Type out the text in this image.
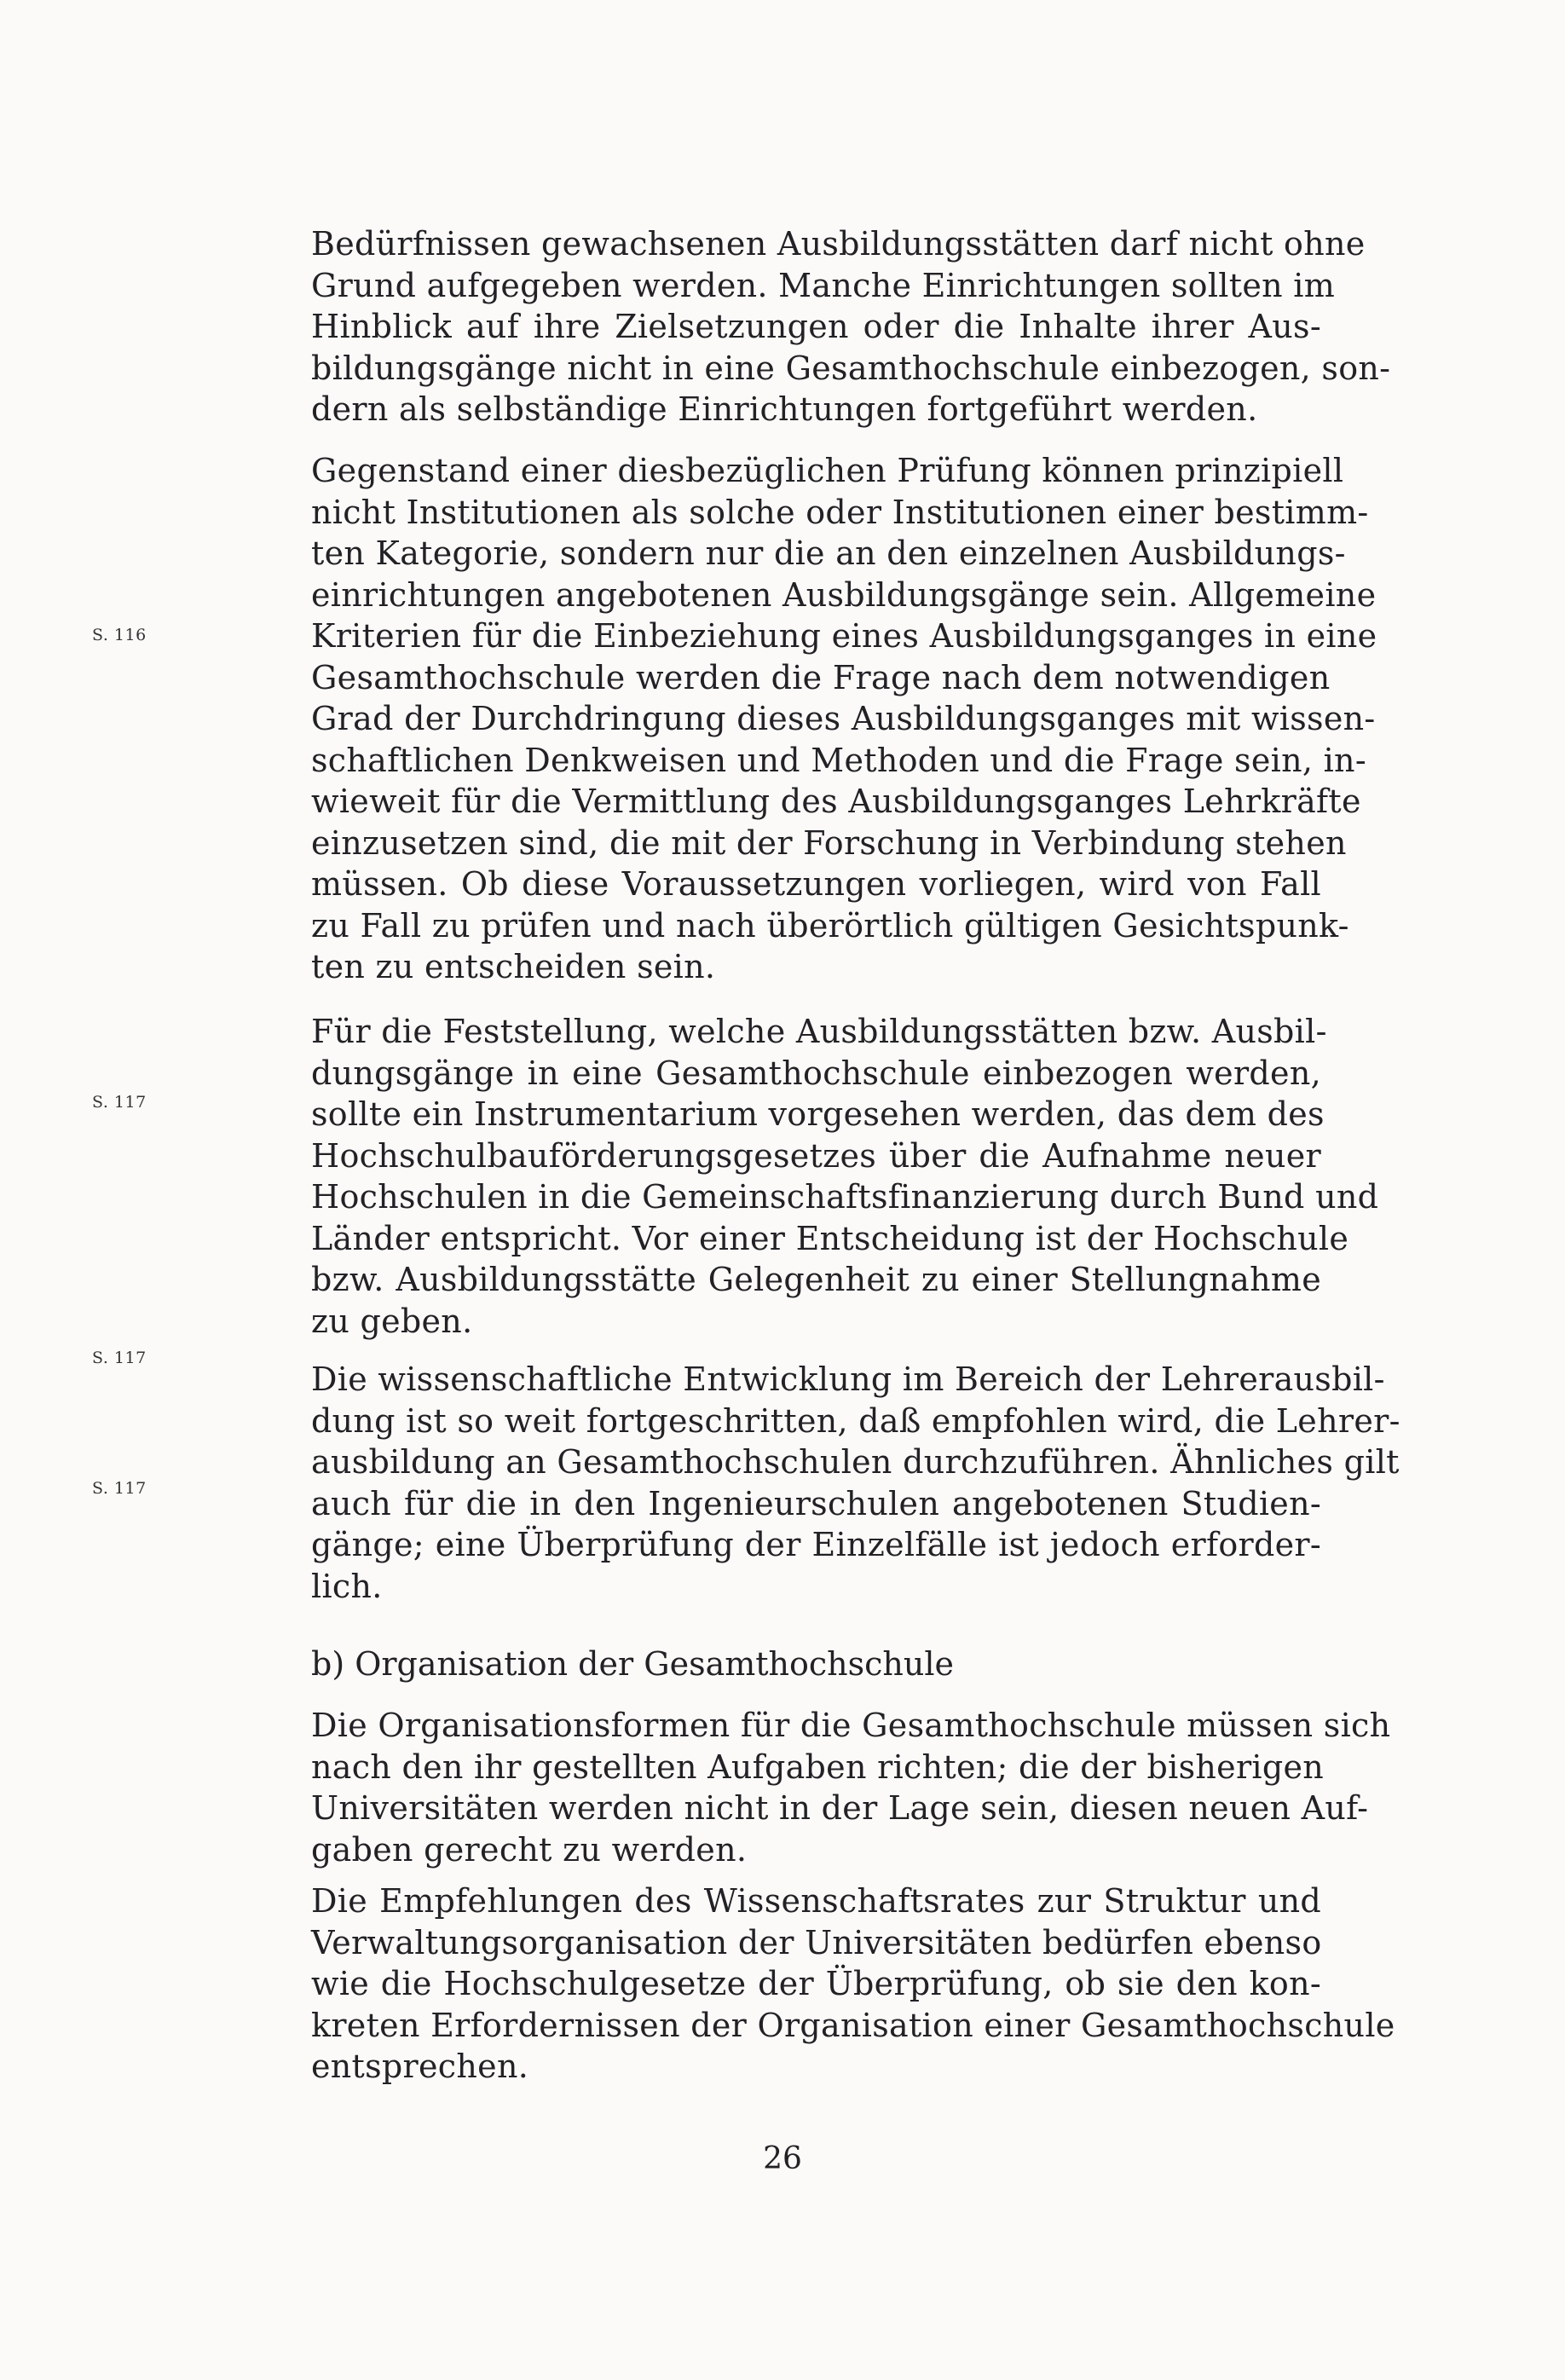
Bedürfnissen gewachsenen Ausbildungsstätten darf nicht ohne
Grund aufgegeben werden. Manche Einrichtungen sollten im
Hinblick auf ihre Zielsetzungen oder die Inhalte ihrer Aus-
bildungsgänge nicht in eine Gesamthochschule einbezogen, son-
dern als selbständige Einrichtungen fortgeführt werden.

Gegenstand einer diesbezüglichen Prüfung können prinzipiell
nicht Institutionen als solche oder Institutionen einer bestimm-
ten Kategorie, sondern nur die an den einzelnen Ausbildungs-
einrichtungen angebotenen Ausbildungsgänge sein. Allgemeine
Kriterien für die Einbeziehung eines Ausbildungsganges in eine
Gesamthochschule werden die Frage nach dem notwendigen
Grad der Durchdringung dieses Ausbildungsganges mit wissen-
schaftlichen Denkweisen und Methoden und die Frage sein, in-
wieweit für die Vermittlung des Ausbildungsganges Lehrkräfte
einzusetzen sind, die mit der Forschung in Verbindung stehen
müssen. Ob diese Voraussetzungen vorliegen, wird von Fall
zu Fall zu prüfen und nach überörtlich gültigen Gesichtspunk-
ten zu entscheiden sein.

Für die Feststellung, welche Ausbildungsstätten bzw. Ausbil-
dungsgänge in eine Gesamthochschule einbezogen werden,
sollte ein Instrumentarium vorgesehen werden, das dem des
Hochschulbauförderungsgesetzes über die Aufnahme neuer
Hochschulen in die Gemeinschaftsfinanzierung durch Bund und
Länder entspricht. Vor einer Entscheidung ist der Hochschule
bzw. Ausbildungsstätte Gelegenheit zu einer Stellungnahme
zu geben.

Die wissenschaftliche Entwicklung im Bereich der Lehrerausbil-
dung ist so weit fortgeschritten, daß empfohlen wird, die Lehrer-
ausbildung an Gesamthochschulen durchzuführen. Ähnliches gilt
auch für die in den Ingenieurschulen angebotenen Studien-
gänge; eine Überprüfung der Einzelfälle ist jedoch erforder-
lich.

b) Organisation der Gesamthochschule

Die Organisationsformen für die Gesamthochschule müssen sich
nach den ihr gestellten Aufgaben richten; die der bisherigen
Universitäten werden nicht in der Lage sein, diesen neuen Auf-
gaben gerecht zu werden.

Die Empfehlungen des Wissenschaftsrates zur Struktur und
Verwaltungsorganisation der Universitäten bedürfen ebenso
wie die Hochschulgesetze der Überprüfung, ob sie den kon-
kreten Erfordernissen der Organisation einer Gesamthochschule
entsprechen.

S. 116
S. 117
S. 117
S. 117
26
